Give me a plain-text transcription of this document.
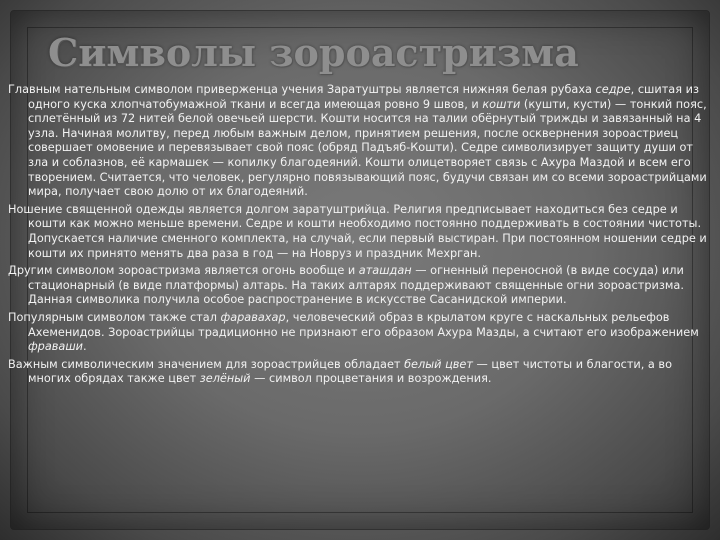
Символы зороастризма

Главным нательным символом приверженца учения Заратуштры является нижняя белая рубаха седре, сшитая из одного куска хлопчатобумажной ткани и всегда имеющая ровно 9 швов, и кошти (кушти, кусти) — тонкий пояс, сплетённый из 72 нитей белой овечьей шерсти. Кошти носится на талии обёрнутый трижды и завязанный на 4 узла. Начиная молитву, перед любым важным делом, принятием решения, после осквернения зороастриец совершает омовение и перевязывает свой пояс (обряд Падъяб-Кошти). Седре символизирует защиту души от зла и соблазнов, её кармашек — копилку благодеяний. Кошти олицетворяет связь с Ахура Маздой и всем его творением. Считается, что человек, регулярно повязывающий пояс, будучи связан им со всеми зороастрийцами мира, получает свою долю от их благодеяний.

Ношение священной одежды является долгом заратуштрийца. Религия предписывает находиться без седре и кошти как можно меньше времени. Седре и кошти необходимо постоянно поддерживать в состоянии чистоты. Допускается наличие сменного комплекта, на случай, если первый выстиран. При постоянном ношении седре и кошти их принято менять два раза в год — на Новруз и праздник Мехрган.

Другим символом зороастризма является огонь вообще и аташдан — огненный переносной (в виде сосуда) или стационарный (в виде платформы) алтарь. На таких алтарях поддерживают священные огни зороастризма. Данная символика получила особое распространение в искусстве Сасанидской империи.

Популярным символом также стал фараваxар, человеческий образ в крылатом круге с наскальных рельефов Ахеменидов. Зороастрийцы традиционно не признают его образом Ахура Мазды, а считают его изображением фраваши.

Важным символическим значением для зороастрийцев обладает белый цвет — цвет чистоты и благости, а во многих обрядах также цвет зелёный — символ процветания и возрождения.
